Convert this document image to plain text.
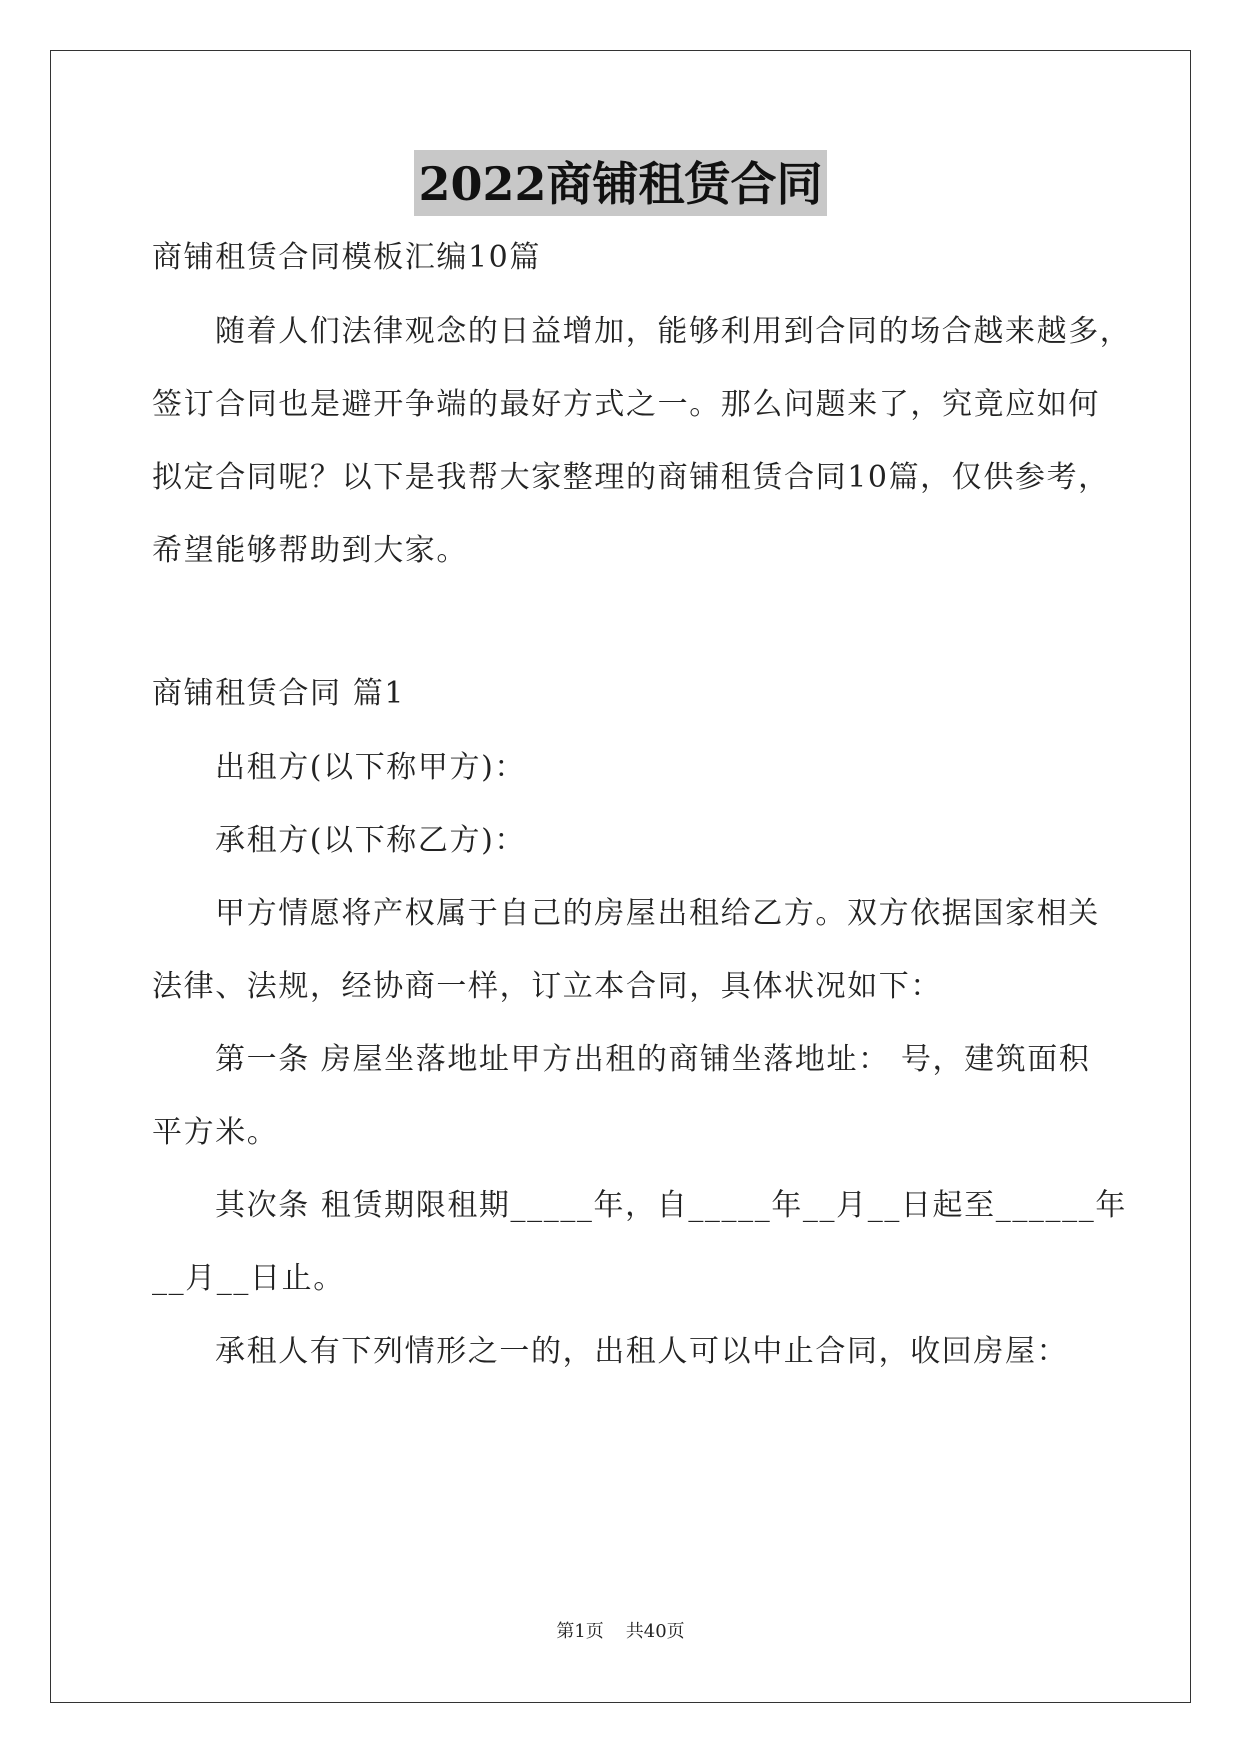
2022商铺租赁合同
商铺租赁合同模板汇编10篇
随着人们法律观念的日益增加，能够利用到合同的场合越来越多，
签订合同也是避开争端的最好方式之一。那么问题来了，究竟应如何
拟定合同呢？以下是我帮大家整理的商铺租赁合同10篇，仅供参考，
希望能够帮助到大家。
商铺租赁合同 篇1
出租方(以下称甲方)：
承租方(以下称乙方)：
甲方情愿将产权属于自己的房屋出租给乙方。双方依据国家相关
法律、法规，经协商一样，订立本合同，具体状况如下：
第一条 房屋坐落地址甲方出租的商铺坐落地址： 号，建筑面积
平方米。
其次条 租赁期限租期_____年，自_____年__月__日起至______年
__月__日止。
承租人有下列情形之一的，出租人可以中止合同，收回房屋：
第1页 共40页
